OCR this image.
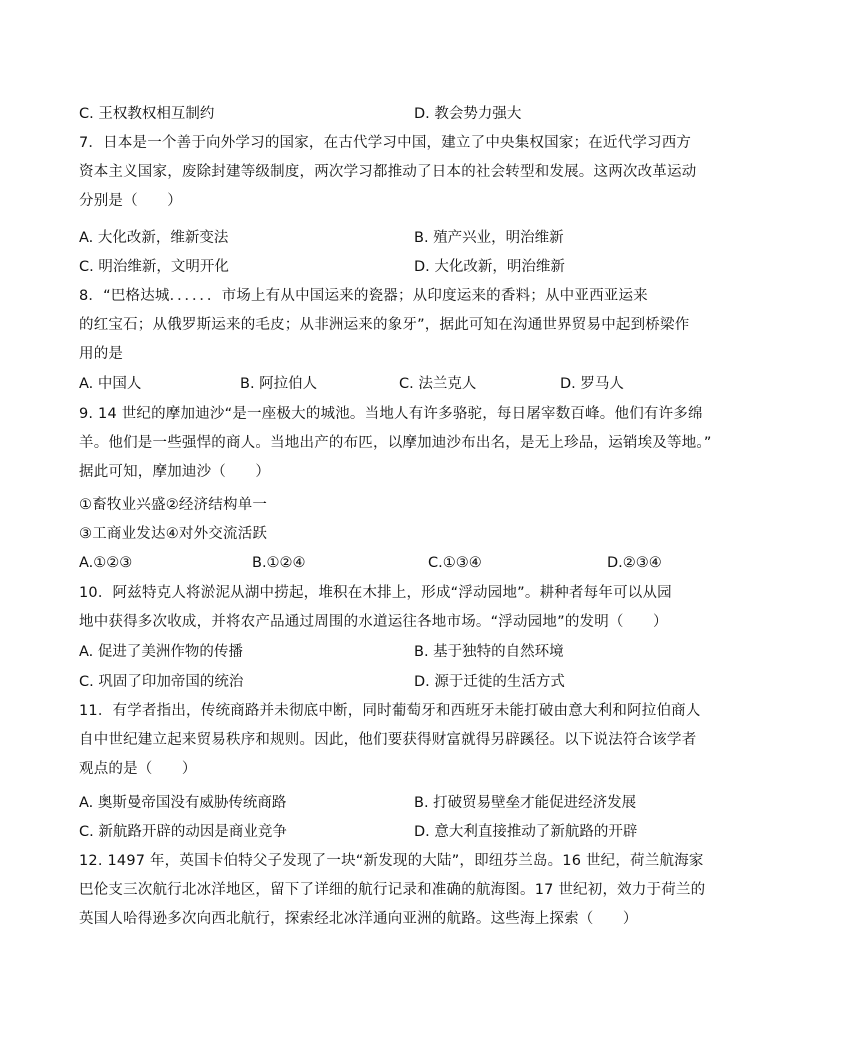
C. 王权教权相互制约	D. 教会势力强大
7．日本是一个善于向外学习的国家，在古代学习中国，建立了中央集权国家；在近代学习西方
资本主义国家，废除封建等级制度，两次学习都推动了日本的社会转型和发展。这两次改革运动
分别是（　　）
A. 大化改新，维新变法	B. 殖产兴业，明治维新
C. 明治维新，文明开化	D. 大化改新，明治维新
8．“巴格达城．．．．．．市场上有从中国运来的瓷器；从印度运来的香料；从中亚西亚运来
的红宝石；从俄罗斯运来的毛皮；从非洲运来的象牙”，据此可知在沟通世界贸易中起到桥梁作
用的是
A. 中国人	B. 阿拉伯人	C. 法兰克人	D. 罗马人
9. 14 世纪的摩加迪沙“是一座极大的城池。当地人有许多骆驼，每日屠宰数百峰。他们有许多绵
羊。他们是一些强悍的商人。当地出产的布匹，以摩加迪沙布出名，是无上珍品，运销埃及等地。”
据此可知，摩加迪沙（　　）
①畜牧业兴盛②经济结构单一
③工商业发达④对外交流活跃
A.①②③	B.①②④	C.①③④	D.②③④
10．阿兹特克人将淤泥从湖中捞起，堆积在木排上，形成“浮动园地”。耕种者每年可以从园
地中获得多次收成，并将农产品通过周围的水道运往各地市场。“浮动园地”的发明（　　）
A. 促进了美洲作物的传播	B. 基于独特的自然环境
C. 巩固了印加帝国的统治	D. 源于迁徙的生活方式
11．有学者指出，传统商路并未彻底中断，同时葡萄牙和西班牙未能打破由意大利和阿拉伯商人
自中世纪建立起来贸易秩序和规则。因此，他们要获得财富就得另辟蹊径。以下说法符合该学者
观点的是（　　）
A. 奥斯曼帝国没有威胁传统商路	B. 打破贸易壁垒才能促进经济发展
C. 新航路开辟的动因是商业竞争	D. 意大利直接推动了新航路的开辟
12. 1497 年，英国卡伯特父子发现了一块“新发现的大陆”，即纽芬兰岛。16 世纪，荷兰航海家
巴伦支三次航行北冰洋地区，留下了详细的航行记录和准确的航海图。17 世纪初，效力于荷兰的
英国人哈得逊多次向西北航行，探索经北冰洋通向亚洲的航路。这些海上探索（　　）
